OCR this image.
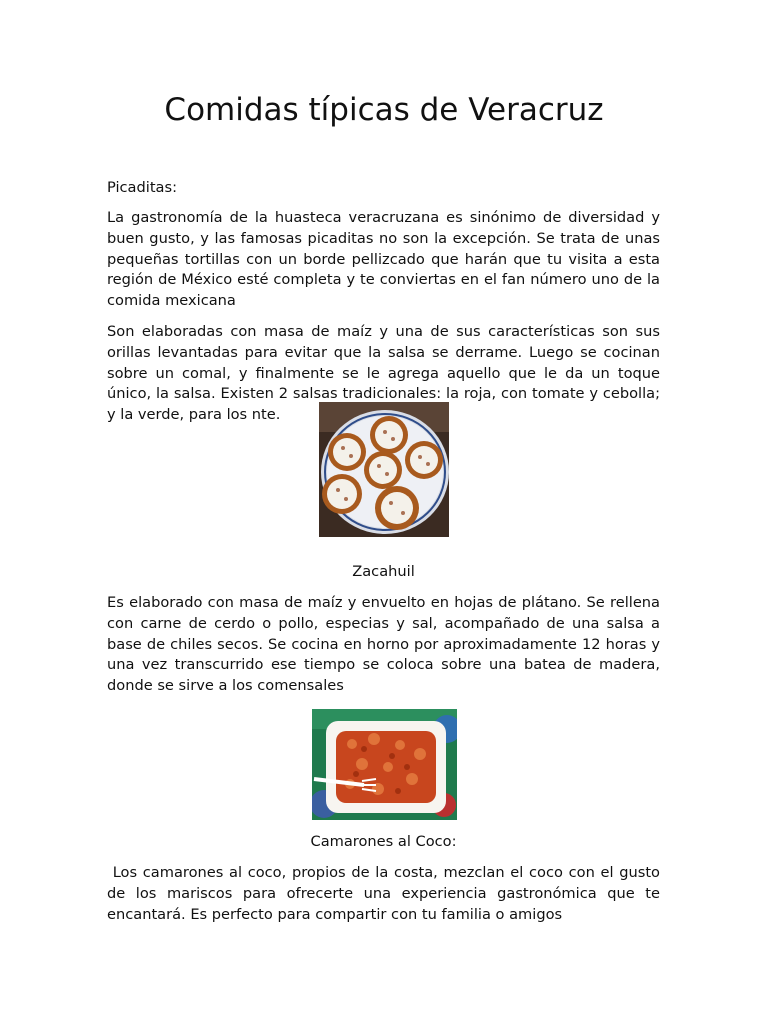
Comidas típicas de Veracruz

Picaditas:

La gastronomía de la huasteca veracruzana es sinónimo de diversidad y buen gusto, y las famosas picaditas no son la excepción. Se trata de unas pequeñas tortillas con un borde pellizcado que harán que tu visita a esta región de México esté completa y te conviertas en el fan número uno de la comida mexicana

Son elaboradas con masa de maíz y una de sus características son sus orillas levantadas para evitar que la salsa se derrame. Luego se cocinan sobre un comal, y finalmente se le agrega aquello que le da un toque único, la salsa. Existen 2 salsas tradicionales: la roja, con tomate y cebolla; y la verde, para los nte.

Zacahuil

Es elaborado con masa de maíz y envuelto en hojas de plátano. Se rellena con carne de cerdo o pollo, especias y sal, acompañado de una salsa a base de chiles secos. Se cocina en horno por aproximadamente 12 horas y una vez transcurrido ese tiempo se coloca sobre una batea de madera, donde se sirve a los comensales

Camarones al Coco:

Los camarones al coco, propios de la costa, mezclan el coco con el gusto de los mariscos para ofrecerte una experiencia gastronómica que te encantará. Es perfecto para compartir con tu familia o amigos
